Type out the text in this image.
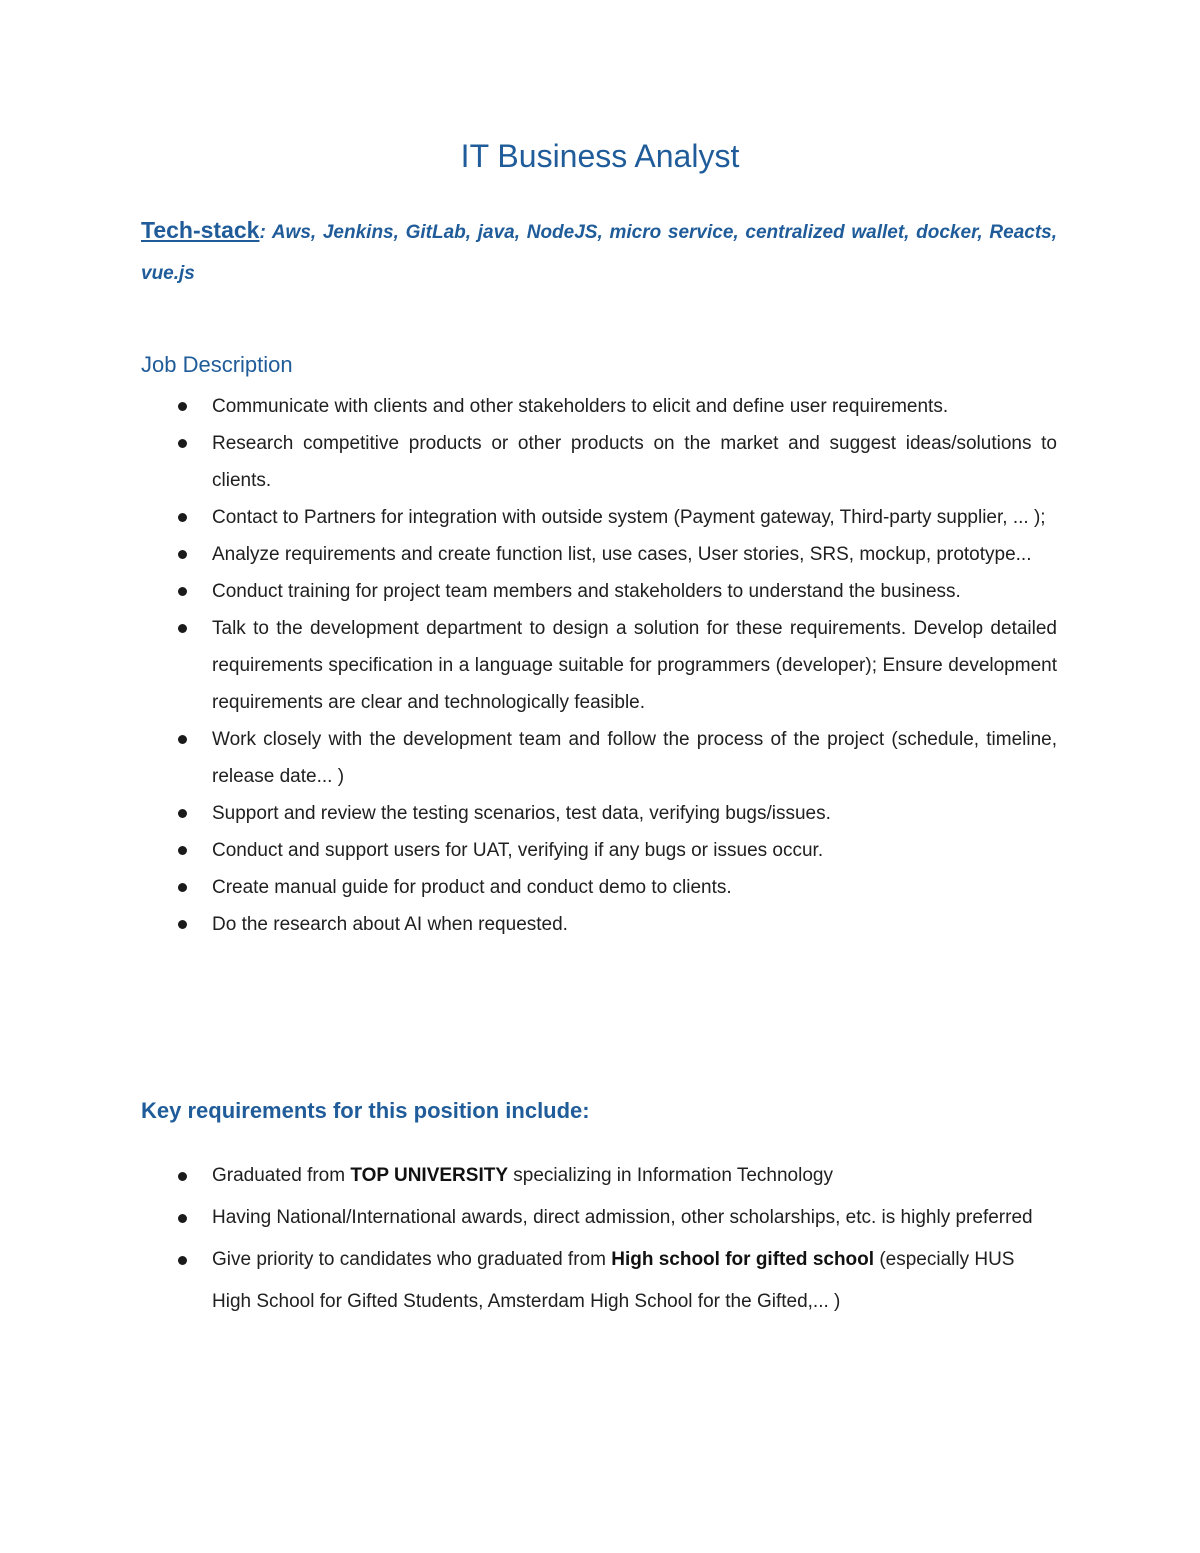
IT Business Analyst

Tech-stack: Aws, Jenkins, GitLab, java, NodeJS, micro service, centralized wallet, docker, Reacts, vue.js

Job Description
Communicate with clients and other stakeholders to elicit and define user requirements.
Research competitive products or other products on the market and suggest ideas/solutions to clients.
Contact to Partners for integration with outside system (Payment gateway, Third-party supplier, ... );
Analyze requirements and create function list, use cases, User stories, SRS, mockup, prototype...
Conduct training for project team members and stakeholders to understand the business.
Talk to the development department to design a solution for these requirements. Develop detailed requirements specification in a language suitable for programmers (developer); Ensure development requirements are clear and technologically feasible.
Work closely with the development team and follow the process of the project (schedule, timeline, release date... )
Support and review the testing scenarios, test data, verifying bugs/issues.
Conduct and support users for UAT, verifying if any bugs or issues occur.
Create manual guide for product and conduct demo to clients.
Do the research about AI when requested.
Key requirements for this position include:
Graduated from TOP UNIVERSITY specializing in Information Technology
Having National/International awards, direct admission, other scholarships, etc. is highly preferred
Give priority to candidates who graduated from High school for gifted school (especially HUS High School for Gifted Students, Amsterdam High School for the Gifted,... )
